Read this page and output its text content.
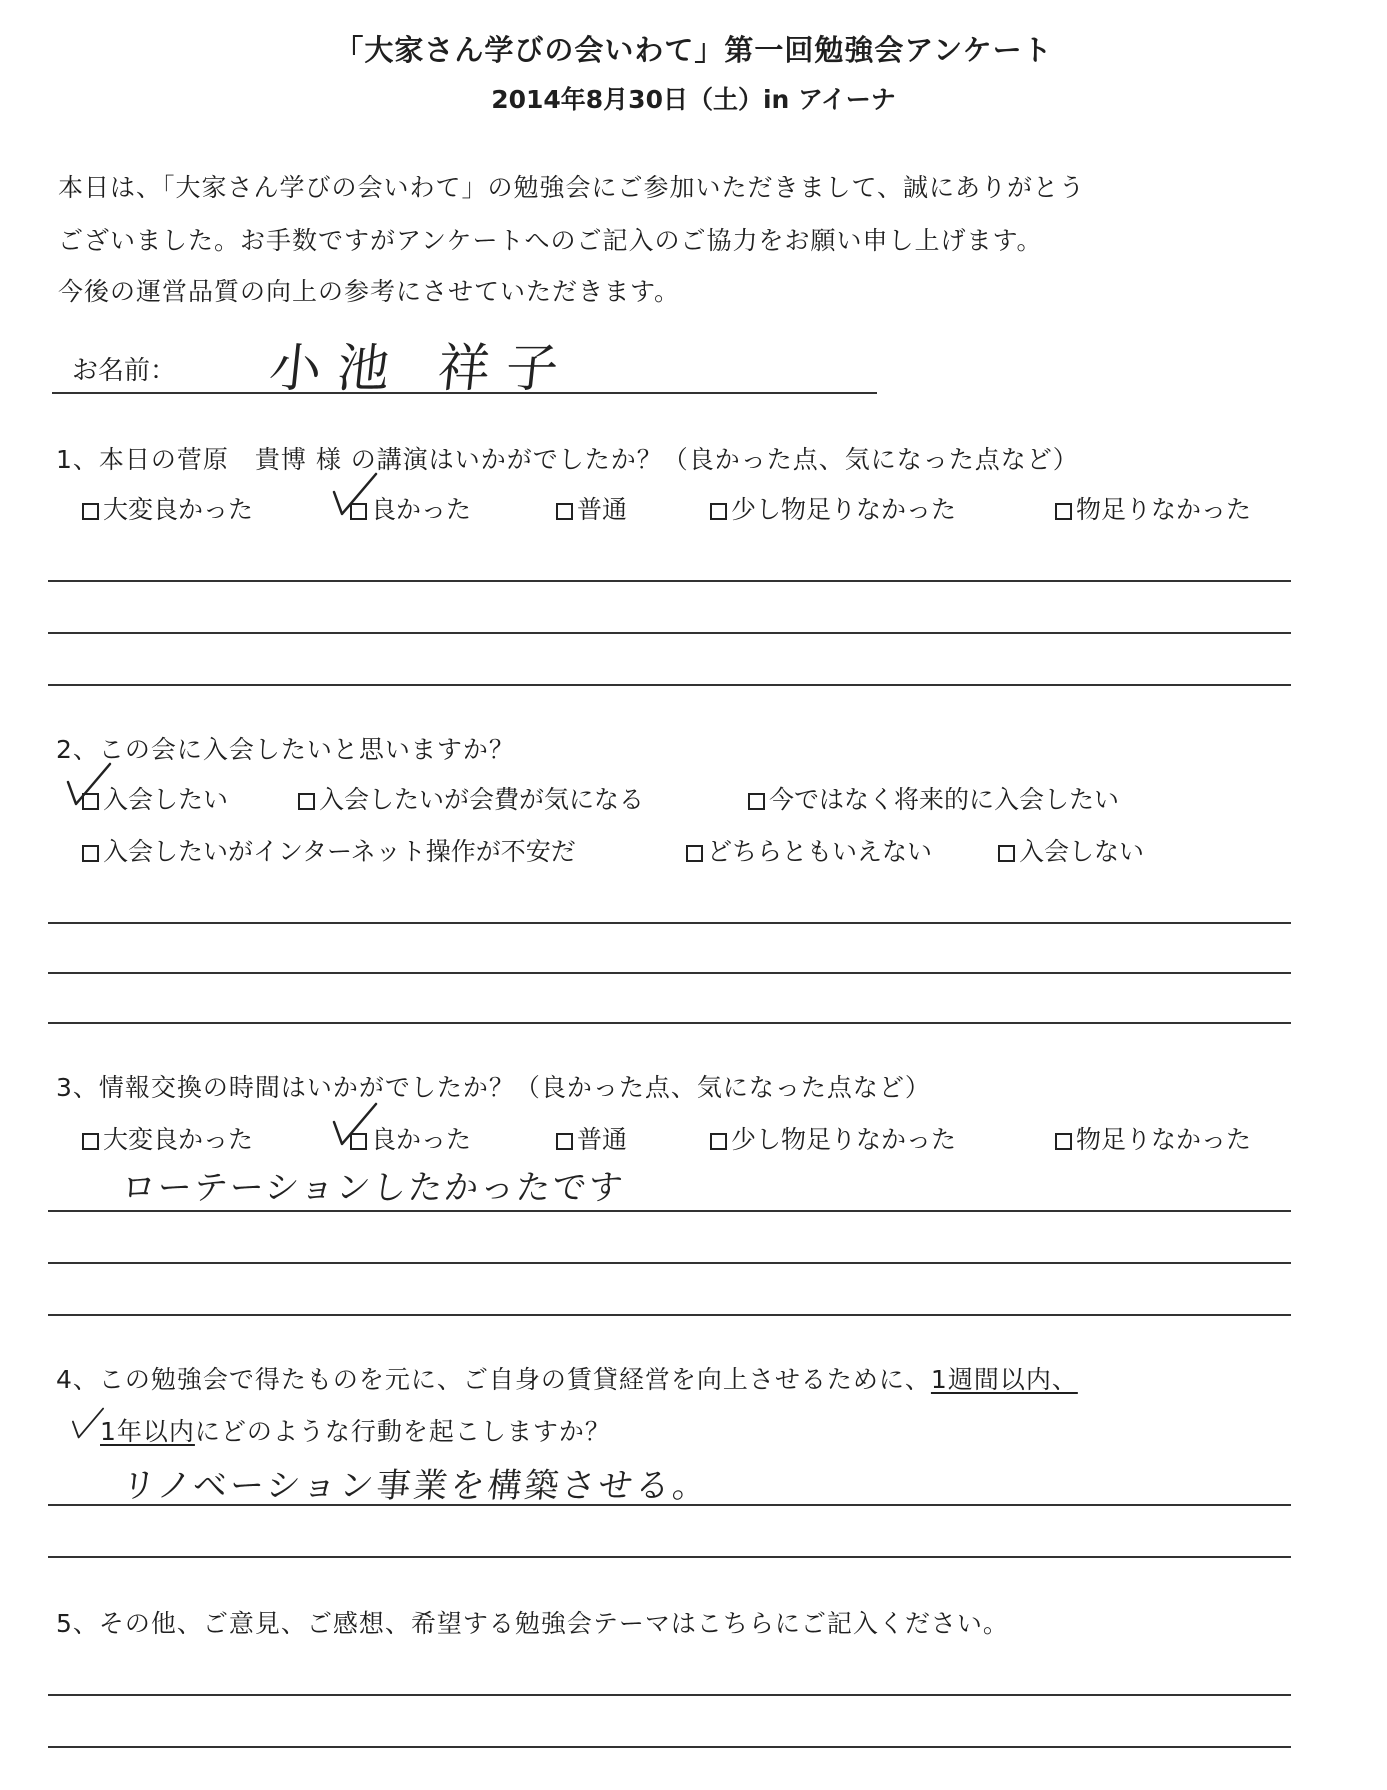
「大家さん学びの会いわて」第一回勉強会アンケート
2014年8月30日（土）in アイーナ
本日は、「大家さん学びの会いわて」の勉強会にご参加いただきまして、誠にありがとう
ございました。お手数ですがアンケートへのご記入のご協力をお願い申し上げます。
今後の運営品質の向上の参考にさせていただきます。
お名前： 小池 祥子
1、本日の菅原　貴博 様 の講演はいかがでしたか？（良かった点、気になった点など）
大変良かった	良かった	普通	少し物足りなかった	物足りなかった
2、この会に入会したいと思いますか？
入会したい	入会したいが会費が気になる	今ではなく将来的に入会したい
入会したいがインターネット操作が不安だ	どちらともいえない	入会しない
3、情報交換の時間はいかがでしたか？（良かった点、気になった点など）
大変良かった	良かった	普通	少し物足りなかった	物足りなかった
ローテーションしたかったです
4、この勉強会で得たものを元に、ご自身の賃貸経営を向上させるために、1週間以内、
1年以内にどのような行動を起こしますか？
リノベーション事業を構築させる。
5、その他、ご意見、ご感想、希望する勉強会テーマはこちらにご記入ください。
